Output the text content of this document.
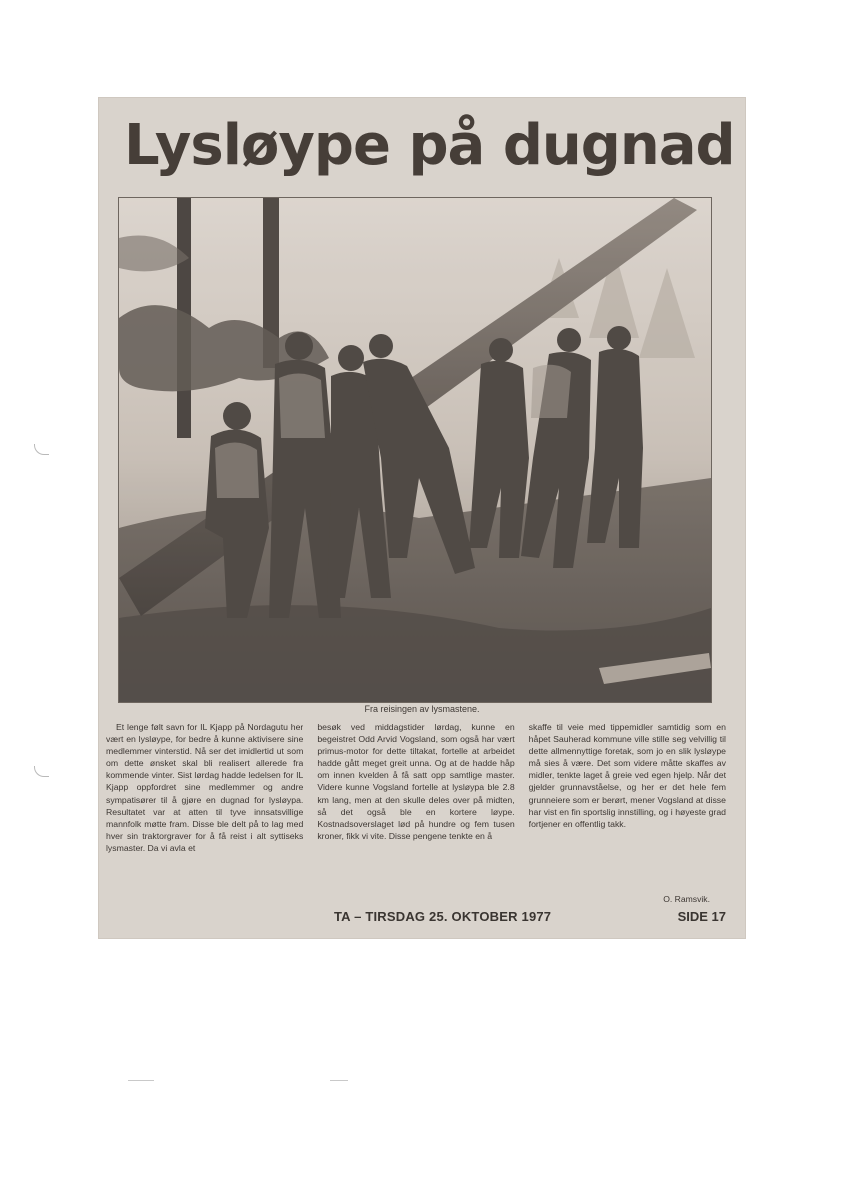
Lysløype på dugnad
Fra reisingen av lysmastene.

Et lenge følt savn for IL Kjapp på Nordagutu her vært en lysløype, for bedre å kunne aktivisere sine medlemmer vinterstid. Nå ser det imidlertid ut som om dette ønsket skal bli realisert allerede fra kommende vinter. Sist lørdag hadde ledelsen for IL Kjapp oppfordret sine medlemmer og andre sympatisører til å gjøre en dugnad for lysløypa. Resultatet var at atten til tyve innsatsvillige mannfolk møtte fram. Disse ble delt på to lag med hver sin traktorgraver for å få reist i alt syttiseks lysmaster. Da vi avla et

besøk ved middagstider lørdag, kunne en begeistret Odd Arvid Vogsland, som også har vært primus-motor for dette tiltakat, fortelle at arbeidet hadde gått meget greit unna. Og at de hadde håp om innen kvelden å få satt opp samtlige master. Videre kunne Vogsland fortelle at lysløypa ble 2.8 km lang, men at den skulle deles over på midten, så det også ble en kortere løype. Kostnadsoverslaget lød på hundre og fem tusen kroner, fikk vi vite. Disse pengene tenkte en å

skaffe til veie med tippemidler samtidig som en håpet Sauherad kommune ville stille seg velvillig til dette allmennyttige foretak, som jo en slik lysløype må sies å være. Det som videre måtte skaffes av midler, tenkte laget å greie ved egen hjelp. Når det gjelder grunnavståelse, og her er det hele fem grunneiere som er berørt, mener Vogsland at disse har vist en fin sportslig innstilling, og i høyeste grad fortjener en offentlig takk.

O. Ramsvik.
TA – TIRSDAG 25. OKTOBER 1977	SIDE 17
